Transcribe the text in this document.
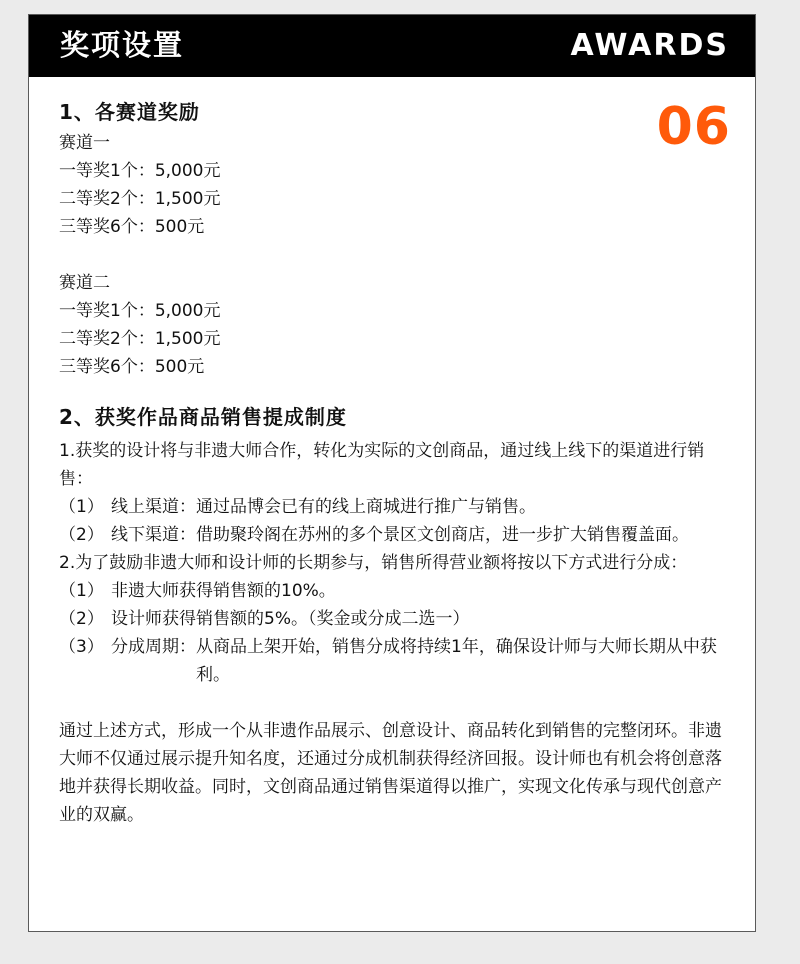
奖项设置	AWARDS
06
1、各赛道奖励
赛道一
一等奖1个：5,000元
二等奖2个：1,500元
三等奖6个：500元
赛道二
一等奖1个：5,000元
二等奖2个：1,500元
三等奖6个：500元
2、获奖作品商品销售提成制度
1.获奖的设计将与非遗大师合作，转化为实际的文创商品，通过线上线下的渠道进行销售：
（1） 线上渠道： 通过品博会已有的线上商城进行推广与销售。
（2） 线下渠道： 借助聚玲阁在苏州的多个景区文创商店，进一步扩大销售覆盖面。
2.为了鼓励非遗大师和设计师的长期参与，销售所得营业额将按以下方式进行分成：
（1） 非遗大师获得销售额的10%。
（2） 设计师获得销售额的5%。（奖金或分成二选一）
（3） 分成周期： 从商品上架开始，销售分成将持续1年，确保设计师与大师长期从中获利。
通过上述方式，形成一个从非遗作品展示、创意设计、商品转化到销售的完整闭环。非遗大师不仅通过展示提升知名度，还通过分成机制获得经济回报。设计师也有机会将创意落地并获得长期收益。同时，文创商品通过销售渠道得以推广，实现文化传承与现代创意产业的双赢。
